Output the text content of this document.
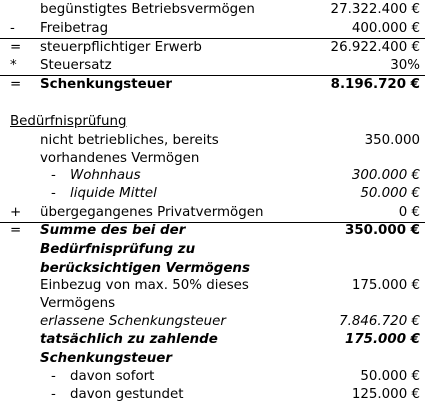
begünstigtes Betriebsvermögen	27.322.400 €
- Freibetrag	400.000 €
= steuerpflichtiger Erwerb	26.922.400 €
* Steuersatz	30%
= Schenkungsteuer	8.196.720 €
Bedürfnisprüfung
nicht betriebliches, bereits	350.000
vorhandenes Vermögen
- Wohnhaus	300.000 €
- liquide Mittel	50.000 €
+ übergegangenes Privatvermögen	0 €
= Summe des bei der	350.000 €
Bedürfnisprüfung zu
berücksichtigen Vermögens
Einbezug von max. 50% dieses	175.000 €
Vermögens
erlassene Schenkungsteuer	7.846.720 €
tatsächlich zu zahlende	175.000 €
Schenkungsteuer
- davon sofort	50.000 €
- davon gestundet	125.000 €
